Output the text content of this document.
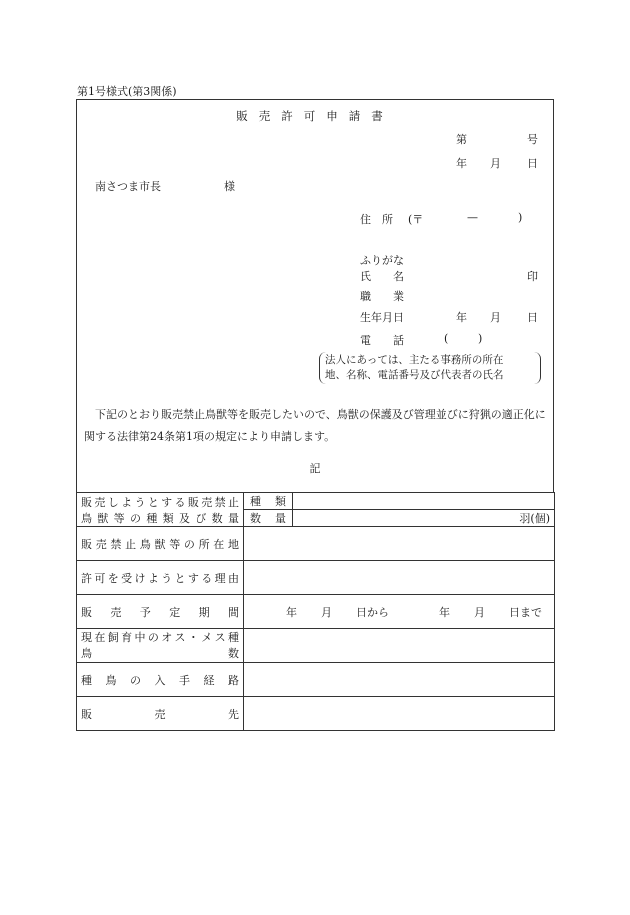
第1号様式(第3関係)
販売許可申請書
第	号
年 月 日
南さつま市長	様
住　所 (〒	—	)
ふりがな
氏　　名	印
職　　業
生年月日	年 月 日
電　　話	(	)
法人にあっては、主たる事務所の所在
地、名称、電話番号及び代表者の氏名
下記のとおり販売禁止鳥獣等を販売したいので、鳥獣の保護及び管理並びに狩猟の適正化に関する法律第24条第1項の規定により申請します。
記
販売しようとする販売禁止
鳥獣等の種類及び数量	種類	
	数量	羽(個)
販売禁止鳥獣等の所在地		
許可を受けようとする理由		
販売予定期間	年 月 日から 年 月 日まで	

現在飼育中のオス・メス種
鳥 数		

種鳥の入手経路		
販売先		
